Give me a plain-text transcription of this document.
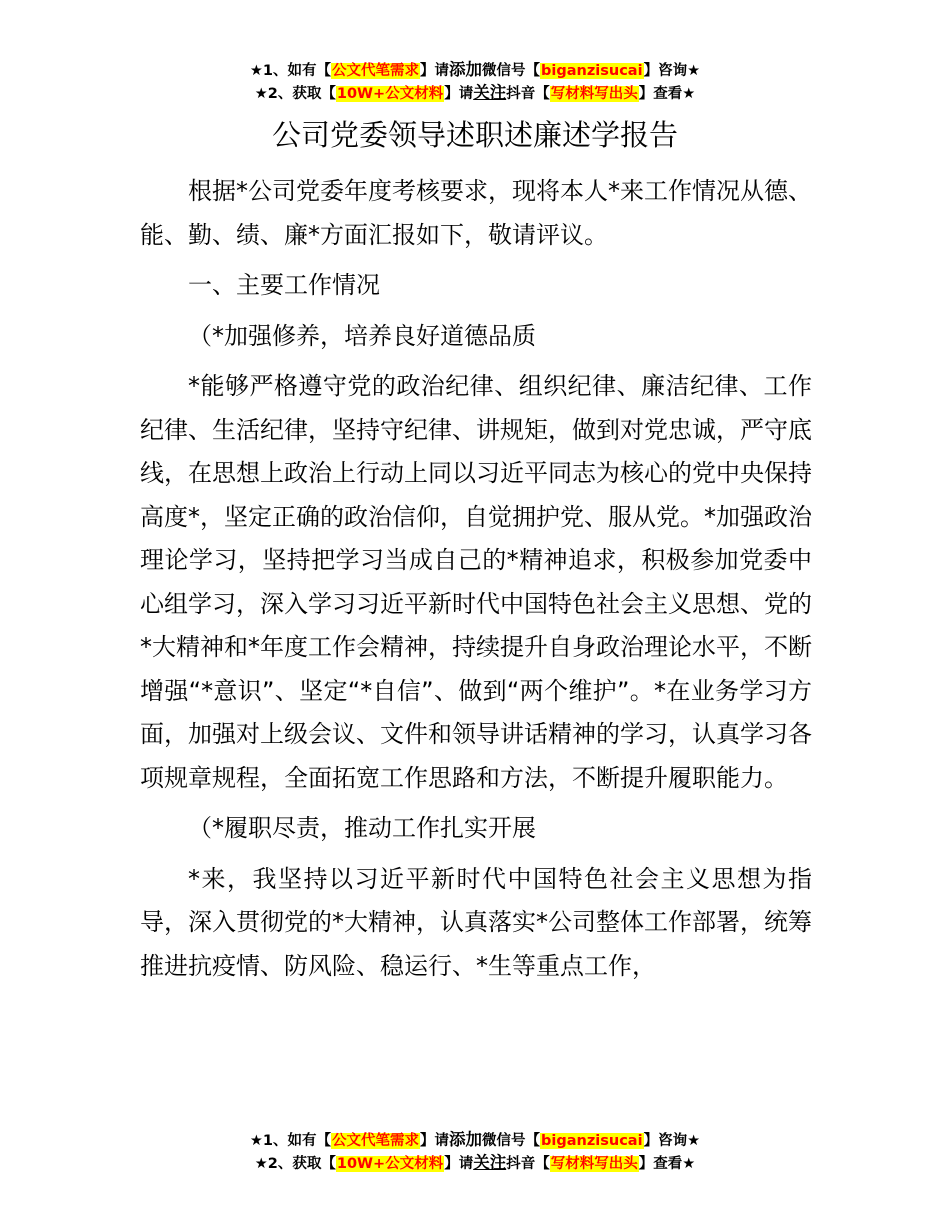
★1、如有【公文代笔需求】请添加微信号【biganzisucai】咨询★
★2、获取【10W+公文材料】请关注抖音【写材料写出头】查看★
公司党委领导述职述廉述学报告

根据*公司党委年度考核要求，现将本人*来工作情况从德、能、勤、绩、廉*方面汇报如下，敬请评议。

一、主要工作情况

（*加强修养，培养良好道德品质

*能够严格遵守党的政治纪律、组织纪律、廉洁纪律、工作纪律、生活纪律，坚持守纪律、讲规矩，做到对党忠诚，严守底线，在思想上政治上行动上同以习近平同志为核心的党中央保持高度*，坚定正确的政治信仰，自觉拥护党、服从党。*加强政治理论学习，坚持把学习当成自己的*精神追求，积极参加党委中心组学习，深入学习习近平新时代中国特色社会主义思想、党的*大精神和*年度工作会精神，持续提升自身政治理论水平，不断增强“*意识”、坚定“*自信”、做到“两个维护”。*在业务学习方面，加强对上级会议、文件和领导讲话精神的学习，认真学习各项规章规程，全面拓宽工作思路和方法，不断提升履职能力。

（*履职尽责，推动工作扎实开展

*来，我坚持以习近平新时代中国特色社会主义思想为指导，深入贯彻党的*大精神，认真落实*公司整体工作部署，统筹推进抗疫情、防风险、稳运行、*生等重点工作，

★1、如有【公文代笔需求】请添加微信号【biganzisucai】咨询★
★2、获取【10W+公文材料】请关注抖音【写材料写出头】查看★
